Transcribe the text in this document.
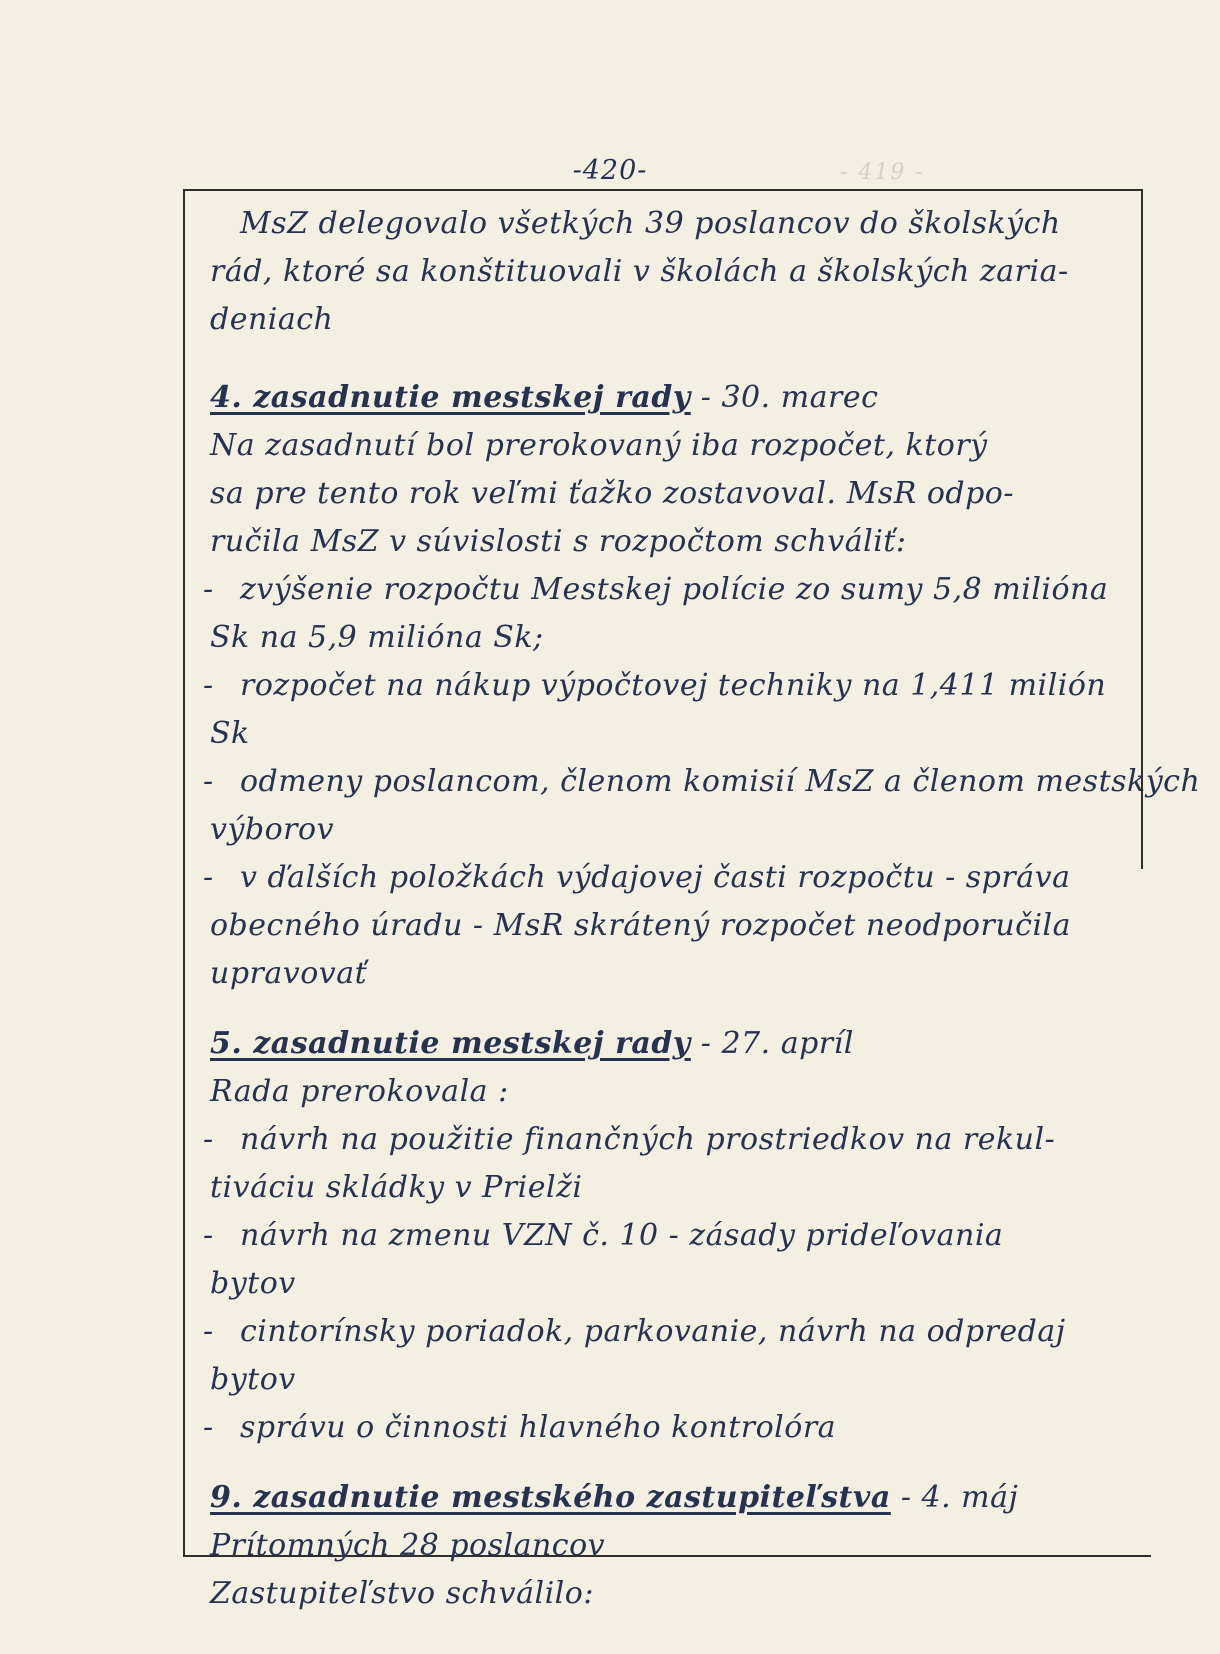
- 419 -
-420-
MsZ delegovalo všetkých 39 poslancov do školských
rád, ktoré sa konštituovali v školách a školských zaria-
deniach
4. zasadnutie mestskej rady - 30. marec
Na zasadnutí bol prerokovaný iba rozpočet, ktorý
sa pre tento rok veľmi ťažko zostavoval. MsR odpo-
ručila MsZ v súvislosti s rozpočtom schváliť:
- zvýšenie rozpočtu Mestskej polície zo sumy 5,8 milióna
Sk na 5,9 milióna Sk;
- rozpočet na nákup výpočtovej techniky na 1,411 milión
Sk
- odmeny poslancom, členom komisií MsZ a členom mestských
výborov
- v ďalších položkách výdajovej časti rozpočtu - správa
obecného úradu - MsR skrátený rozpočet neodporučila
upravovať
5. zasadnutie mestskej rady - 27. apríl
Rada prerokovala :
- návrh na použitie finančných prostriedkov na rekul-
tiváciu skládky v Prielži
- návrh na zmenu VZN č. 10 - zásady prideľovania
bytov
- cintorínsky poriadok, parkovanie, návrh na odpredaj
bytov
- správu o činnosti hlavného kontrolóra
9. zasadnutie mestského zastupiteľstva - 4. máj
Prítomných 28 poslancov
Zastupiteľstvo schválilo:
